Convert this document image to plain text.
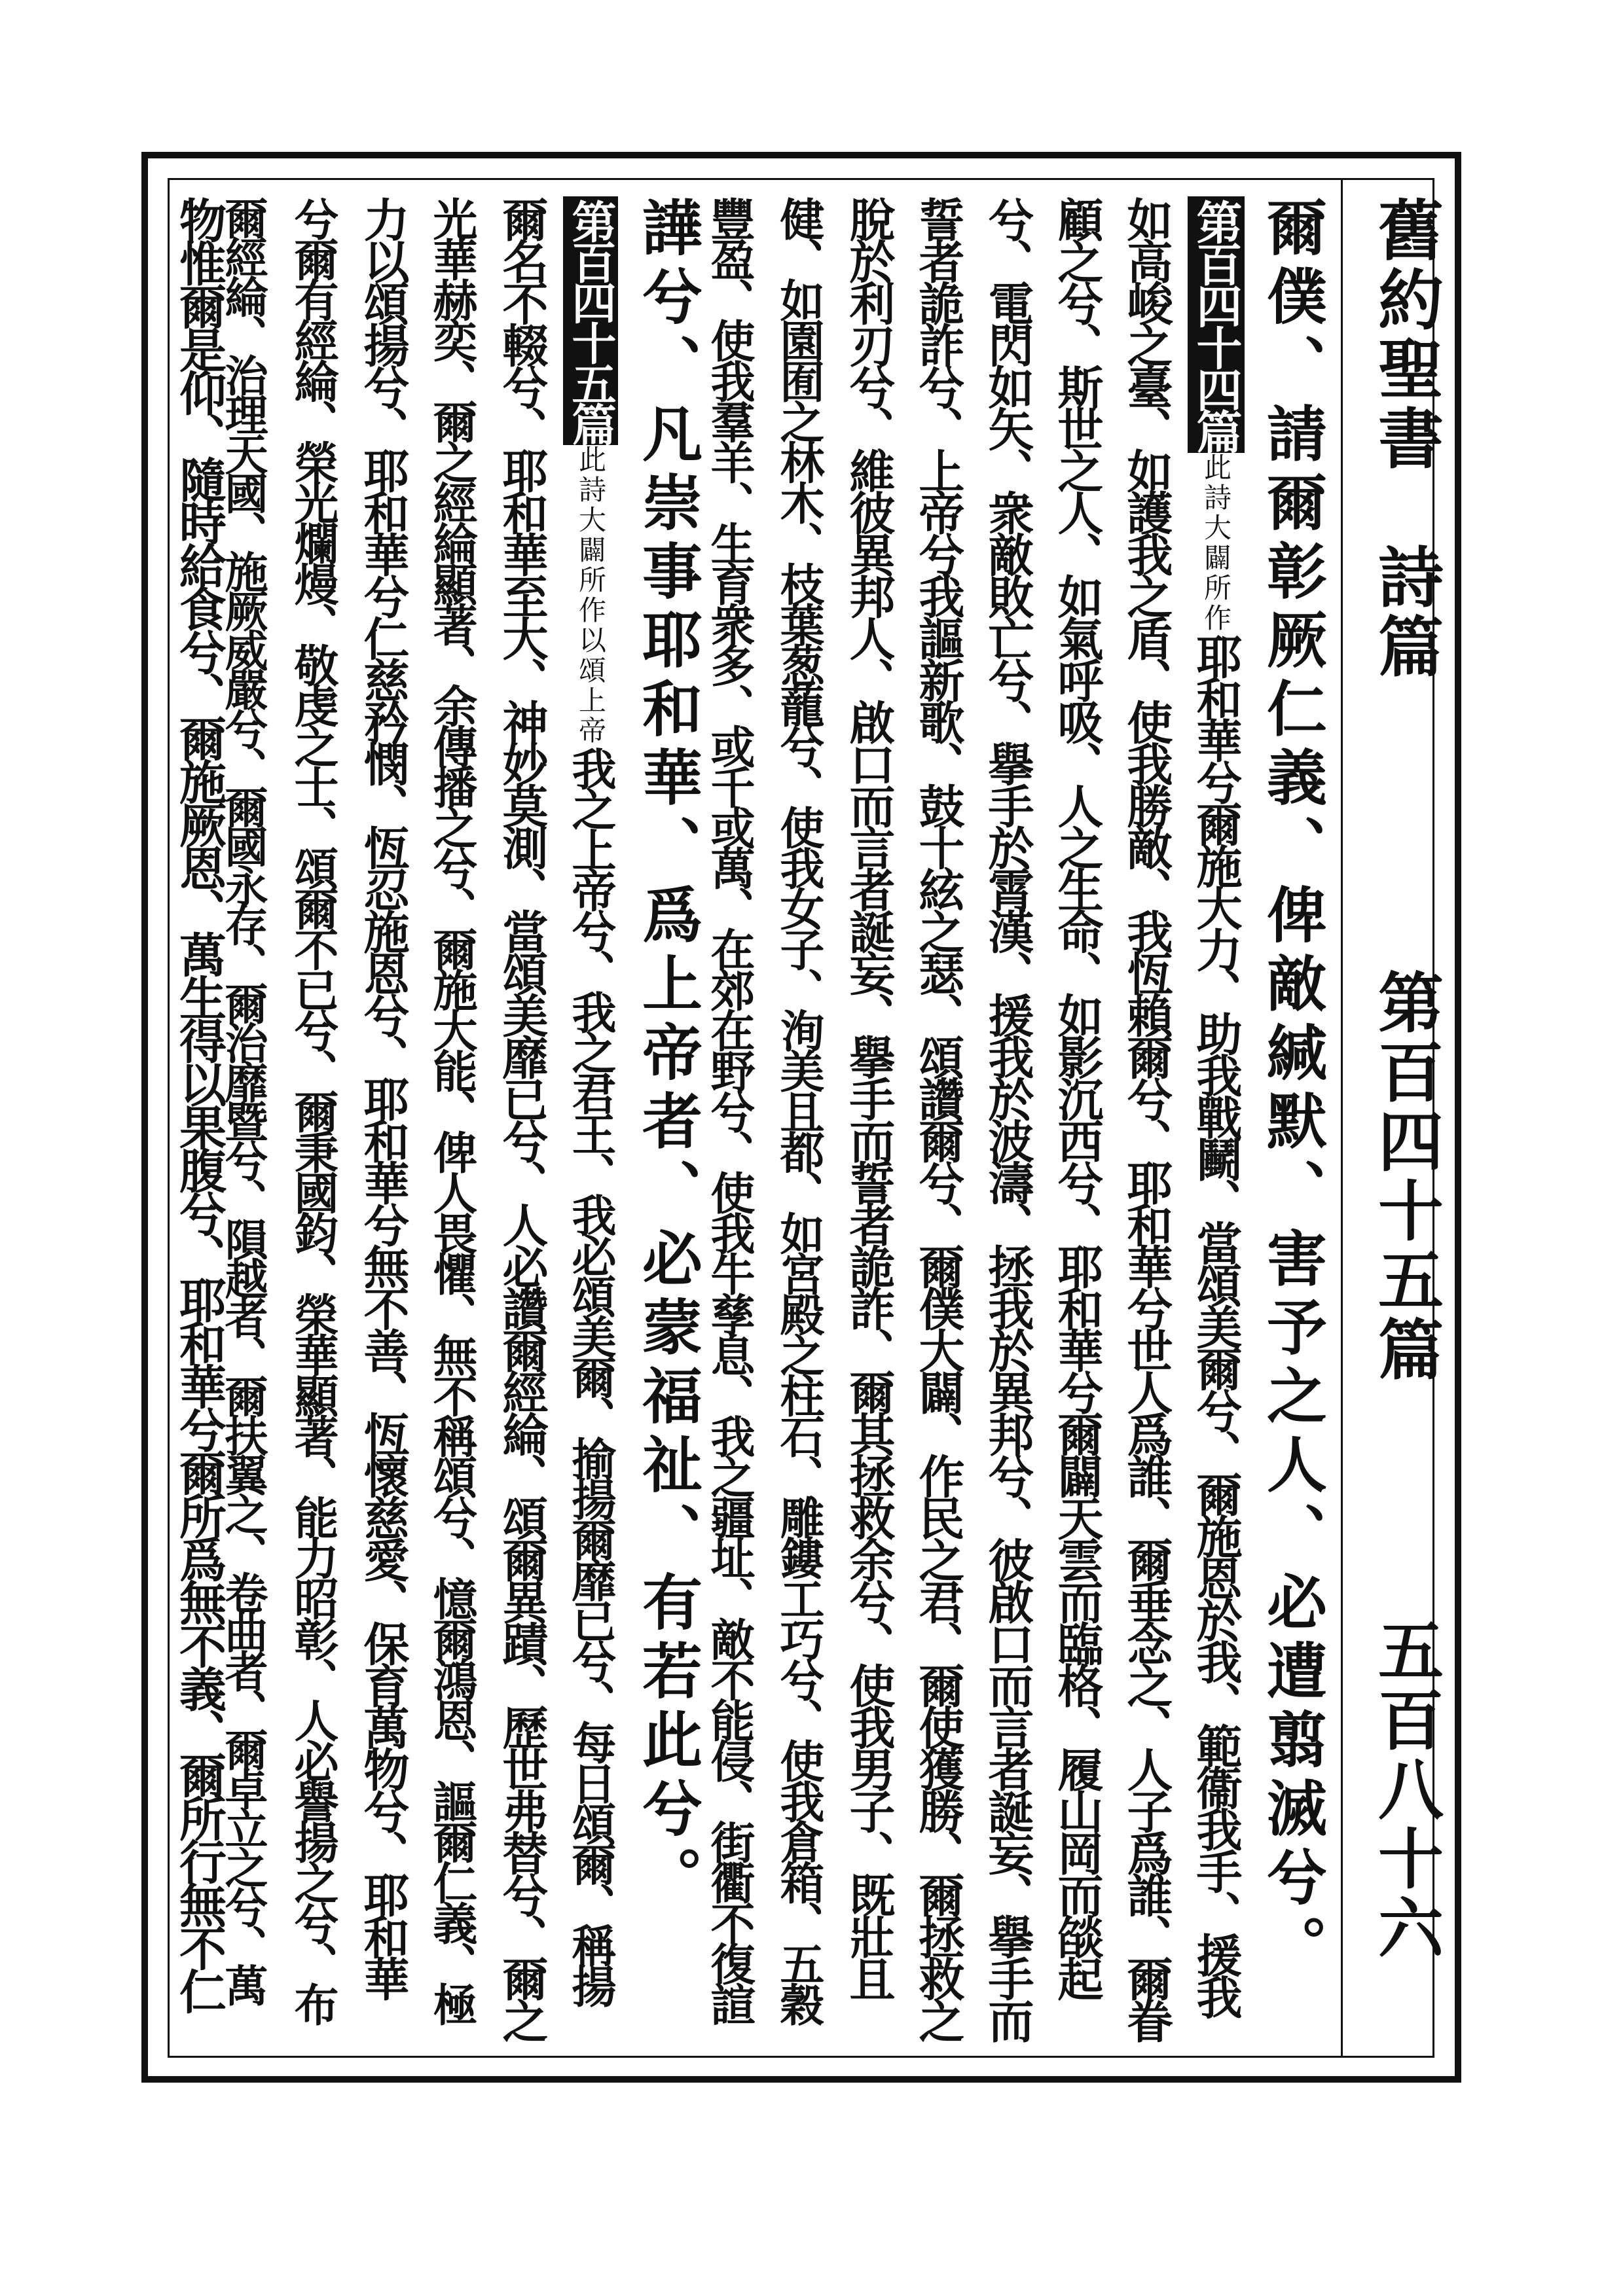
舊約聖書
詩篇
第百四十五篇
五百八十六
爾僕、請爾彰厥仁義、俾敵緘默、害予之人、必遭翦滅兮。
第百四十四篇此詩大闢所作耶和華兮爾施大力、助我戰鬭、當頌美爾兮、爾施恩於我、範衞我手、援我
如高峻之臺、如護我之盾、使我勝敵、我恆賴爾兮、耶和華兮世人爲誰、爾垂念之、人子爲誰、爾眷
顧之兮、斯世之人、如氣呼吸、人之生命、如影沉西兮、耶和華兮爾闢天雲而臨格、履山岡而燄起
兮、電閃如矢、衆敵敗亡兮、擧手於霄漢、援我於波濤、拯我於異邦兮、彼啟口而言者誕妄、擧手而
誓者詭詐兮、上帝兮我謳新歌、鼓十絃之瑟、頌讚爾兮、爾僕大闢、作民之君、爾使獲勝、爾拯救之
脫於利刃兮、維彼異邦人、啟口而言者誕妄、擧手而誓者詭詐、爾其拯救余兮、使我男子、既壯且
健、如園囿之林木、枝葉葱蘢兮、使我女子、洵美且都、如宮殿之柱石、雕鏤工巧兮、使我倉箱、五穀
豐盈、使我羣羊、生育衆多、或千或萬、在郊在野兮、使我牛孳息、我之疆址、敵不能侵、街衢不復諠
譁兮、凡崇事耶和華、爲上帝者、必蒙福祉、有若此兮。
第百四十五篇此詩大闢所作以頌上帝我之上帝兮、我之君王、我必頌美爾、揄揚爾靡已兮、每日頌爾、稱揚
爾名不輟兮、耶和華至大、神妙莫測、當頌美靡已兮、人必讚爾經綸、頌爾異蹟、歷世弗替兮、爾之
光華赫奕、爾之經綸顯著、余傳播之兮、爾施大能、俾人畏懼、無不稱頌兮、憶爾鴻恩、謳爾仁義、極
力以頌揚兮、耶和華兮仁慈矜憫、恆忍施恩兮、耶和華兮無不善、恆懷慈愛、保育萬物兮、耶和華
兮爾有經綸、榮光爛熳、敬虔之士、頌爾不已兮、爾秉國鈞、榮華顯著、能力昭彰、人必譽揚之兮、布
爾經綸、治理天國、施厥威嚴兮、爾國永存、爾治靡暨兮、隕越者、爾扶翼之、卷曲者、爾卓立之兮、萬
物惟爾是仰、隨時給食兮、爾施厥恩、萬生得以果腹兮、耶和華兮爾所爲無不義、爾所行無不仁
